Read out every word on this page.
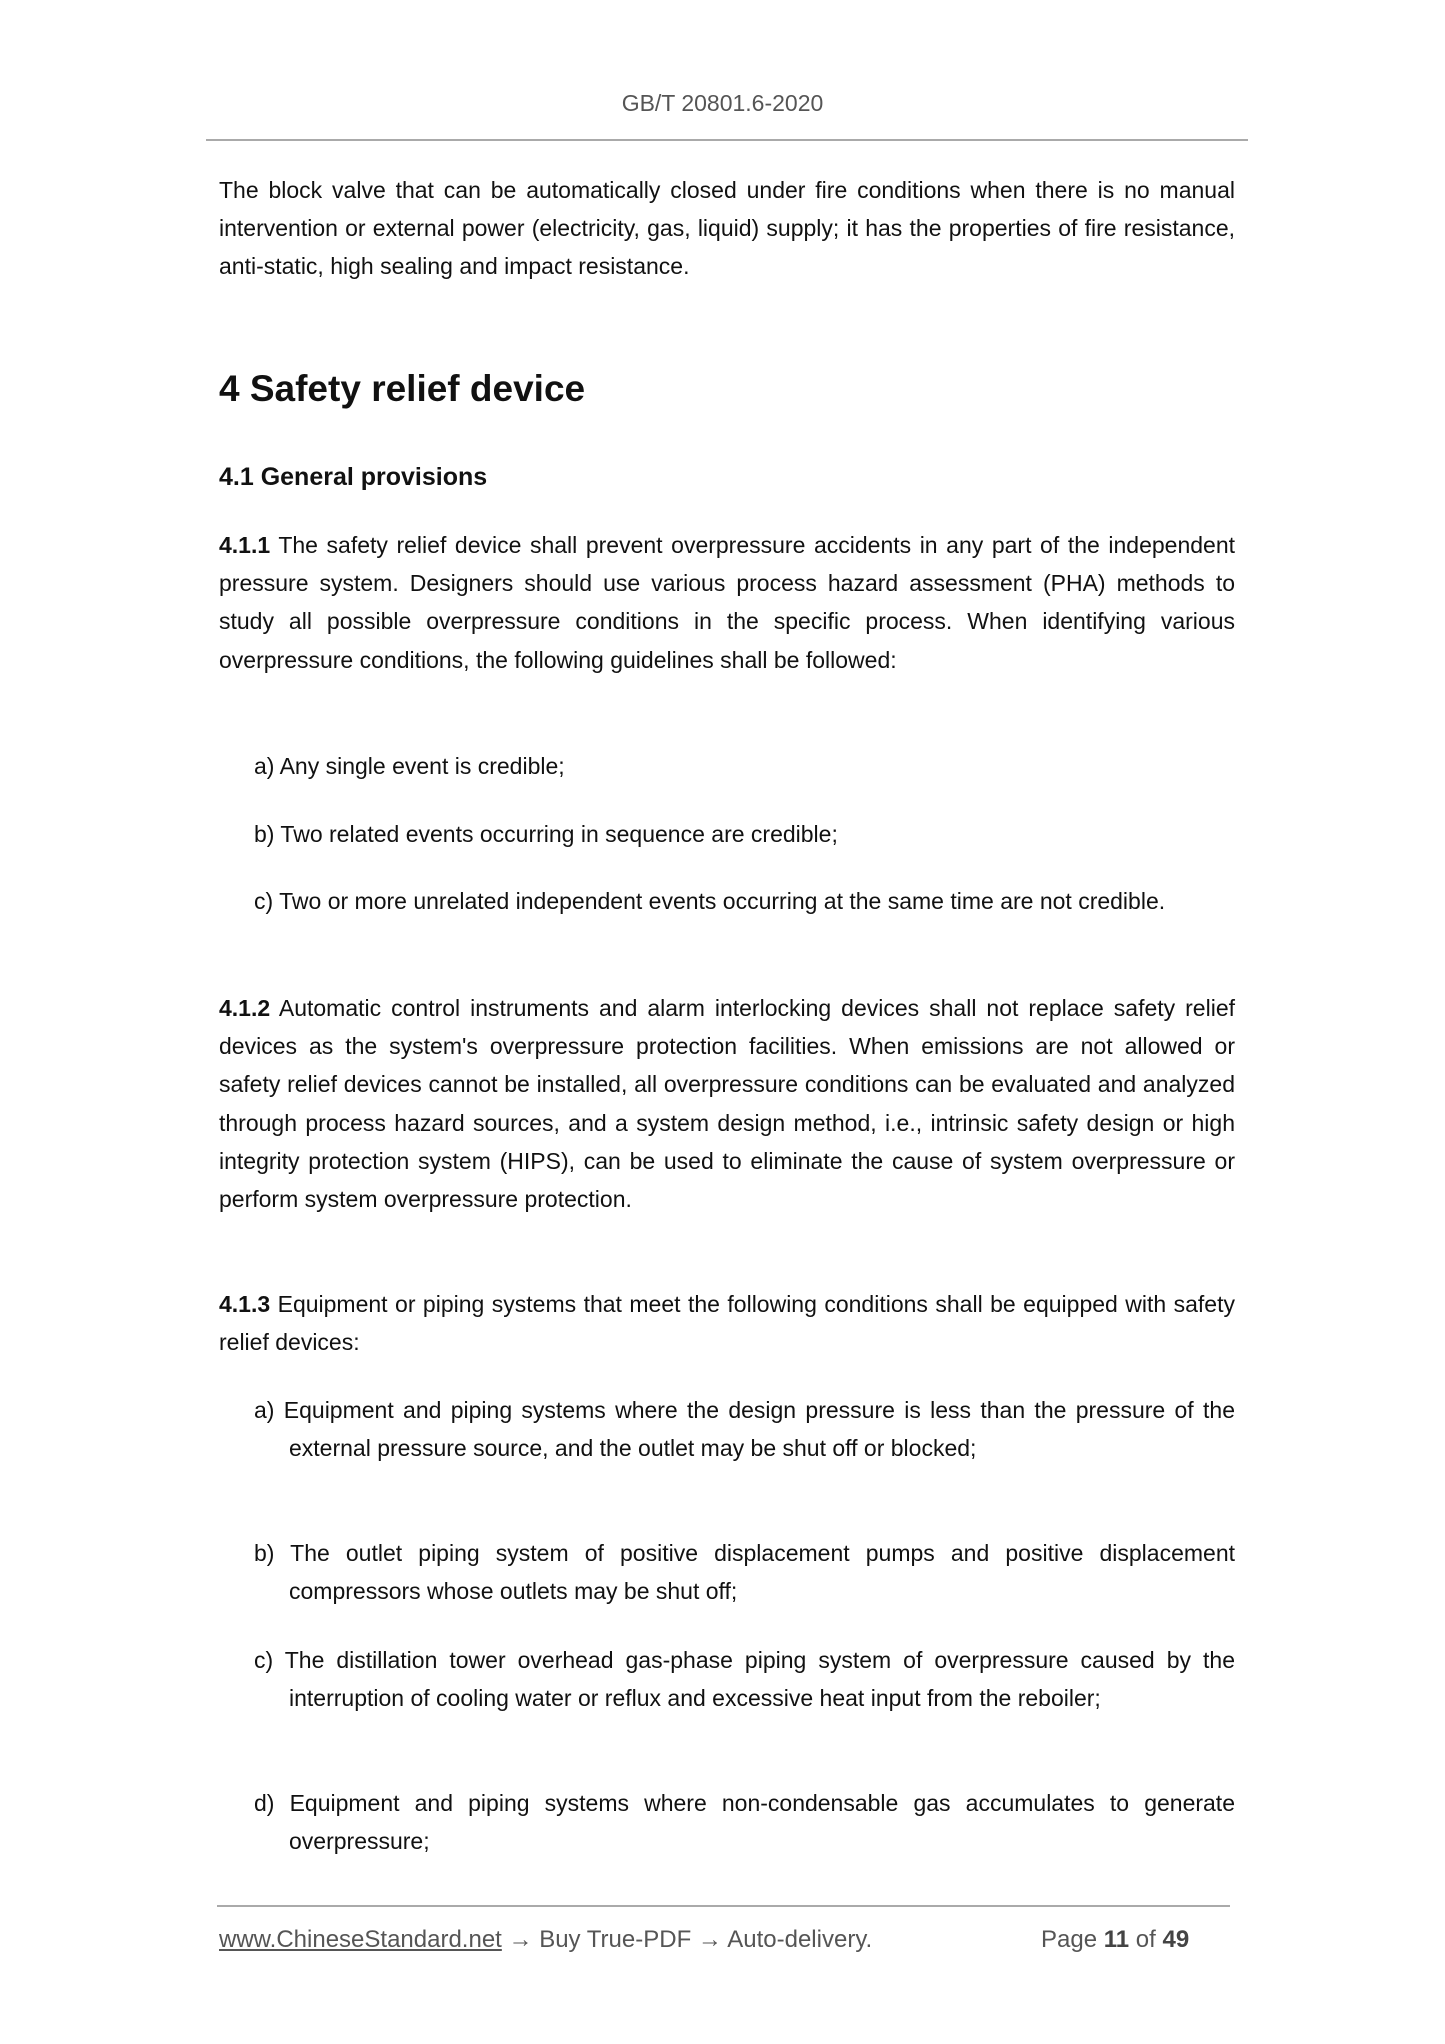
GB/T 20801.6-2020
The block valve that can be automatically closed under fire conditions when there is no manual intervention or external power (electricity, gas, liquid) supply; it has the properties of fire resistance, anti-static, high sealing and impact resistance.
4 Safety relief device
4.1 General provisions
4.1.1 The safety relief device shall prevent overpressure accidents in any part of the independent pressure system. Designers should use various process hazard assessment (PHA) methods to study all possible overpressure conditions in the specific process. When identifying various overpressure conditions, the following guidelines shall be followed:
a) Any single event is credible;
b) Two related events occurring in sequence are credible;
c) Two or more unrelated independent events occurring at the same time are not credible.
4.1.2 Automatic control instruments and alarm interlocking devices shall not replace safety relief devices as the system's overpressure protection facilities. When emissions are not allowed or safety relief devices cannot be installed, all overpressure conditions can be evaluated and analyzed through process hazard sources, and a system design method, i.e., intrinsic safety design or high integrity protection system (HIPS), can be used to eliminate the cause of system overpressure or perform system overpressure protection.
4.1.3 Equipment or piping systems that meet the following conditions shall be equipped with safety relief devices:
a) Equipment and piping systems where the design pressure is less than the pressure of the external pressure source, and the outlet may be shut off or blocked;
b) The outlet piping system of positive displacement pumps and positive displacement compressors whose outlets may be shut off;
c) The distillation tower overhead gas-phase piping system of overpressure caused by the interruption of cooling water or reflux and excessive heat input from the reboiler;
d) Equipment and piping systems where non-condensable gas accumulates to generate overpressure;
www.ChineseStandard.net → Buy True-PDF → Auto-delivery.	Page 11 of 49
